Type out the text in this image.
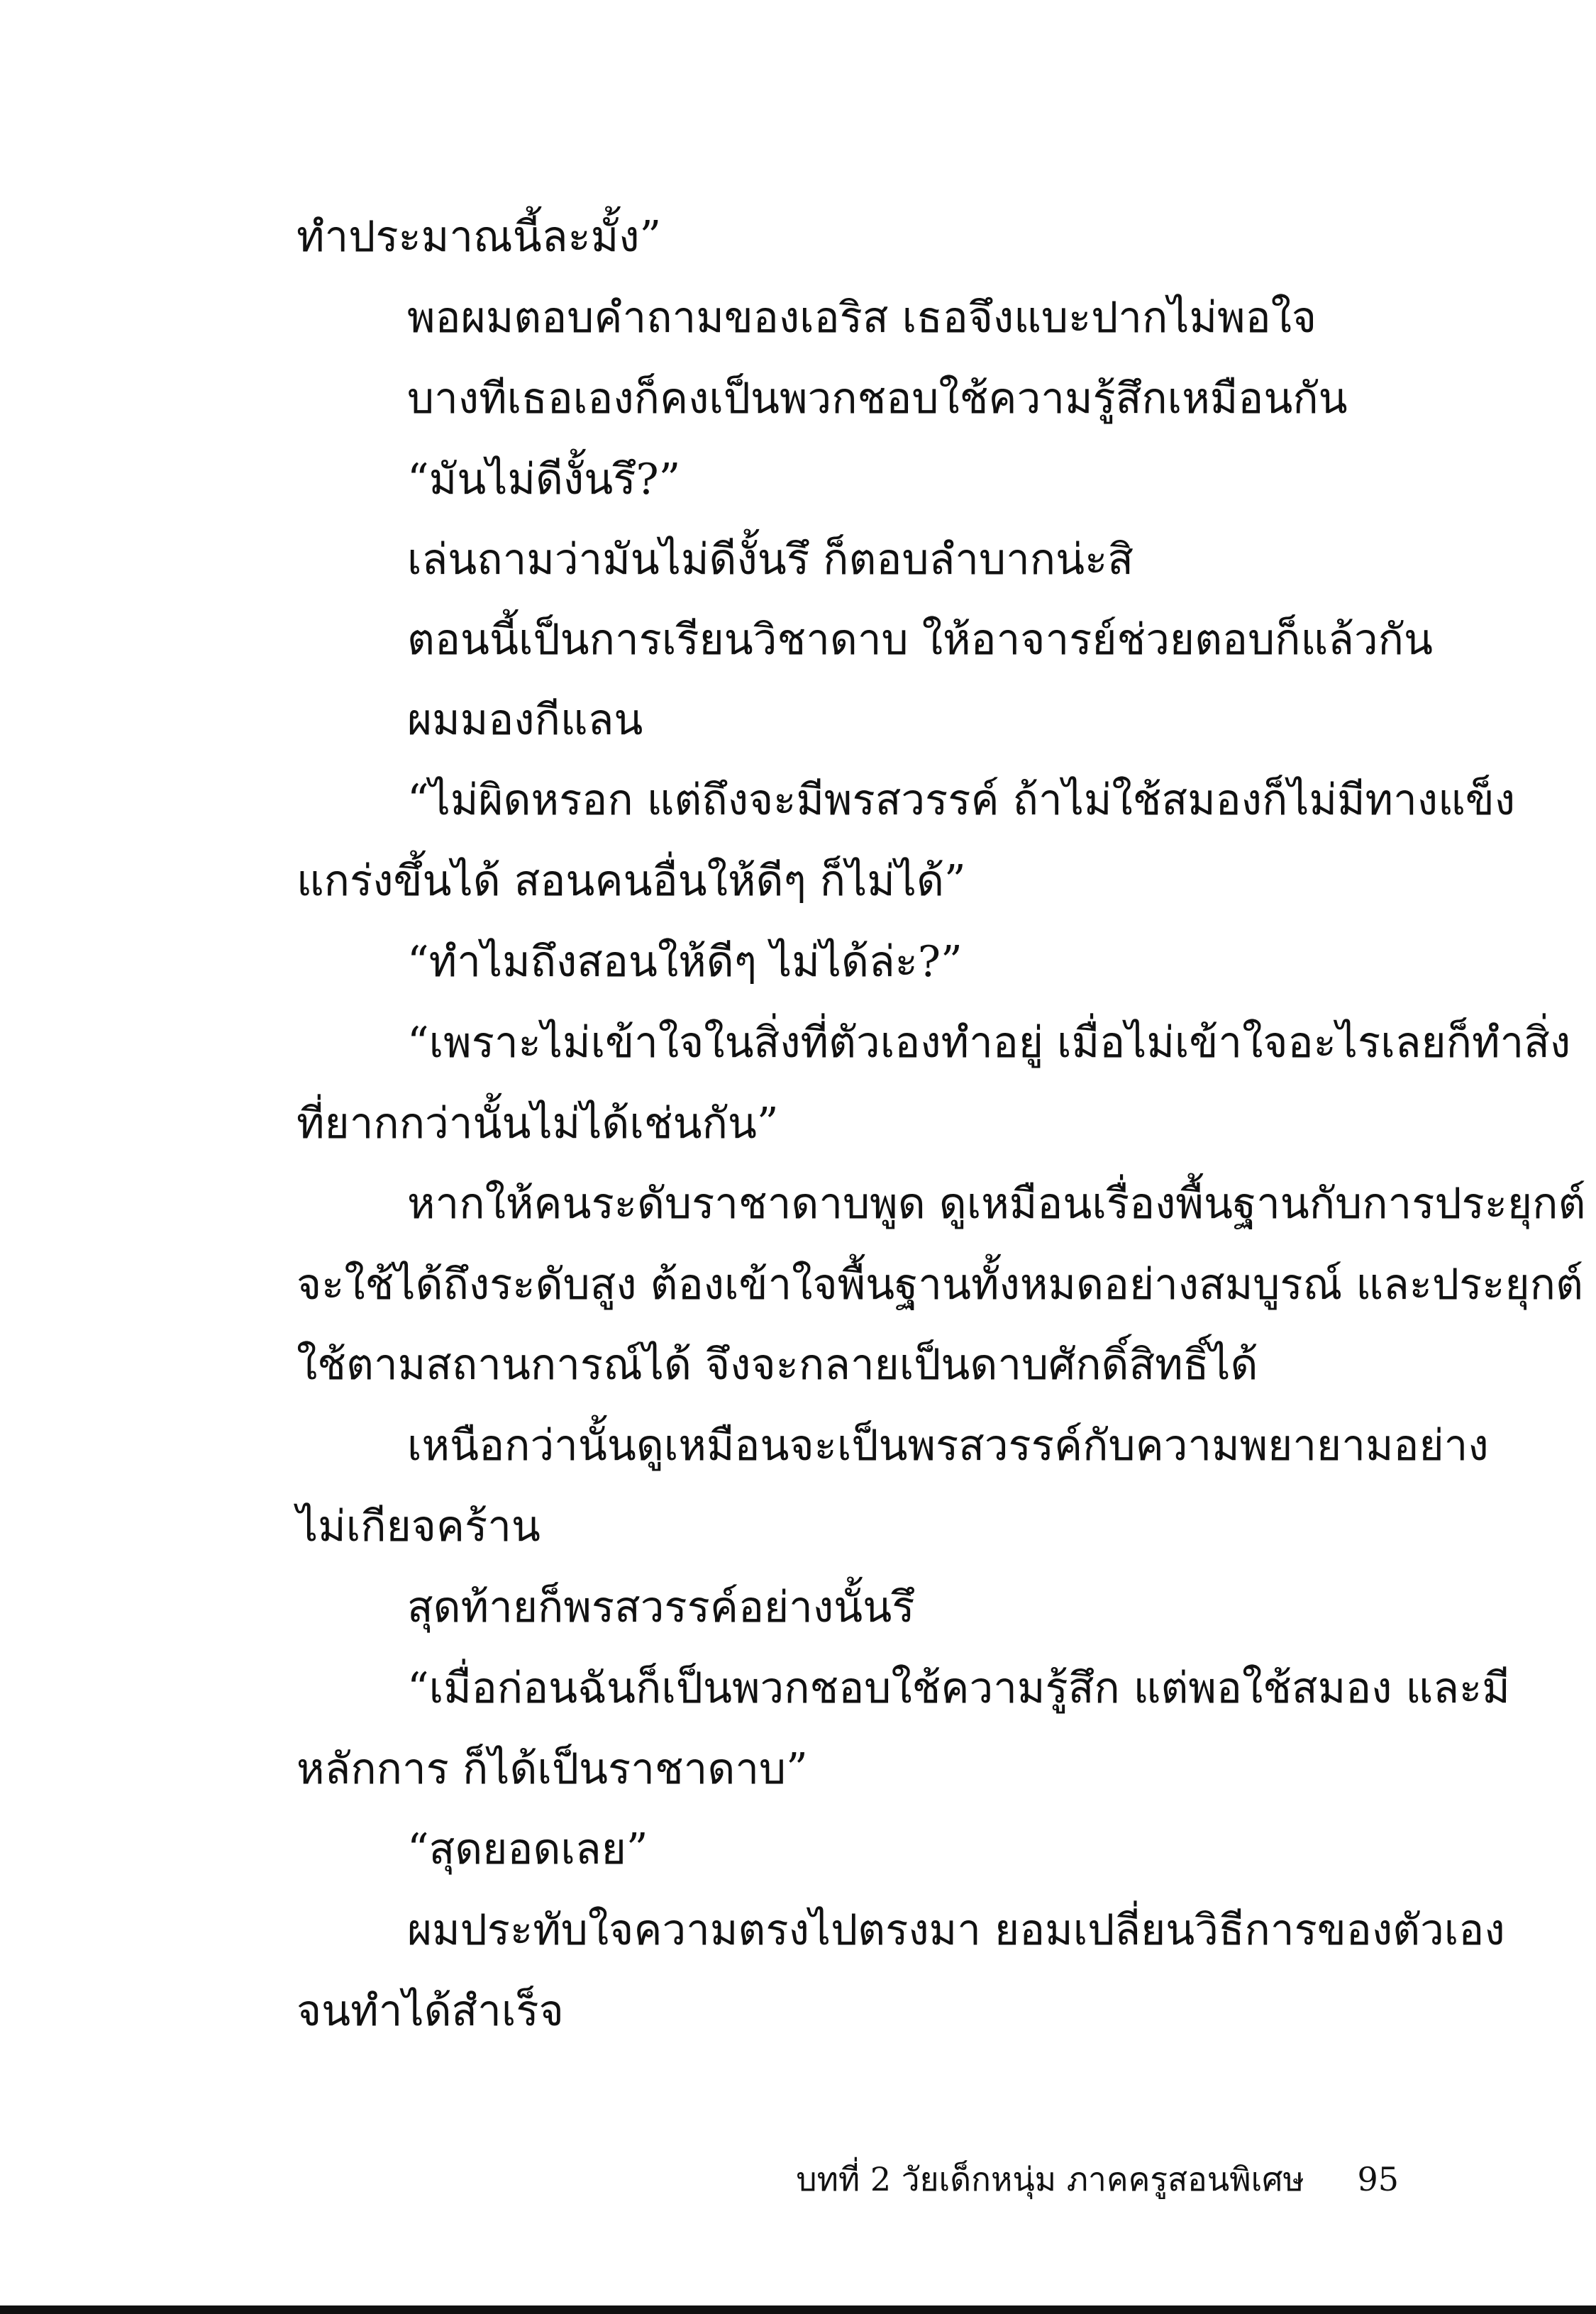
ทำประมาณนี้ละมั้ง”
พอผมตอบคำถามของเอริส เธอจึงแบะปากไม่พอใจ
บางทีเธอเองก็คงเป็นพวกชอบใช้ความรู้สึกเหมือนกัน
“มันไม่ดีงั้นรึ?”
เล่นถามว่ามันไม่ดีงั้นรึ ก็ตอบลำบากน่ะสิ
ตอนนี้เป็นการเรียนวิชาดาบ ให้อาจารย์ช่วยตอบก็แล้วกัน
ผมมองกีแลน
“ไม่ผิดหรอก แต่ถึงจะมีพรสวรรค์ ถ้าไม่ใช้สมองก็ไม่มีทางแข็ง
แกร่งขึ้นได้ สอนคนอื่นให้ดีๆ ก็ไม่ได้”
“ทำไมถึงสอนให้ดีๆ ไม่ได้ล่ะ?”
“เพราะไม่เข้าใจในสิ่งที่ตัวเองทำอยู่ เมื่อไม่เข้าใจอะไรเลยก็ทำสิ่ง
ที่ยากกว่านั้นไม่ได้เช่นกัน”
หากให้คนระดับราชาดาบพูด ดูเหมือนเรื่องพื้นฐานกับการประยุกต์
จะใช้ได้ถึงระดับสูง ต้องเข้าใจพื้นฐานทั้งหมดอย่างสมบูรณ์ และประยุกต์
ใช้ตามสถานการณ์ได้ จึงจะกลายเป็นดาบศักดิ์สิทธิ์ได้
เหนือกว่านั้นดูเหมือนจะเป็นพรสวรรค์กับความพยายามอย่าง
ไม่เกียจคร้าน
สุดท้ายก็พรสวรรค์อย่างนั้นรึ
“เมื่อก่อนฉันก็เป็นพวกชอบใช้ความรู้สึก แต่พอใช้สมอง และมี
หลักการ ก็ได้เป็นราชาดาบ”
“สุดยอดเลย”
ผมประทับใจความตรงไปตรงมา ยอมเปลี่ยนวิธีการของตัวเอง
จนทำได้สำเร็จ
บทที่ 2 วัยเด็กหนุ่ม ภาคครูสอนพิเศษ 95
